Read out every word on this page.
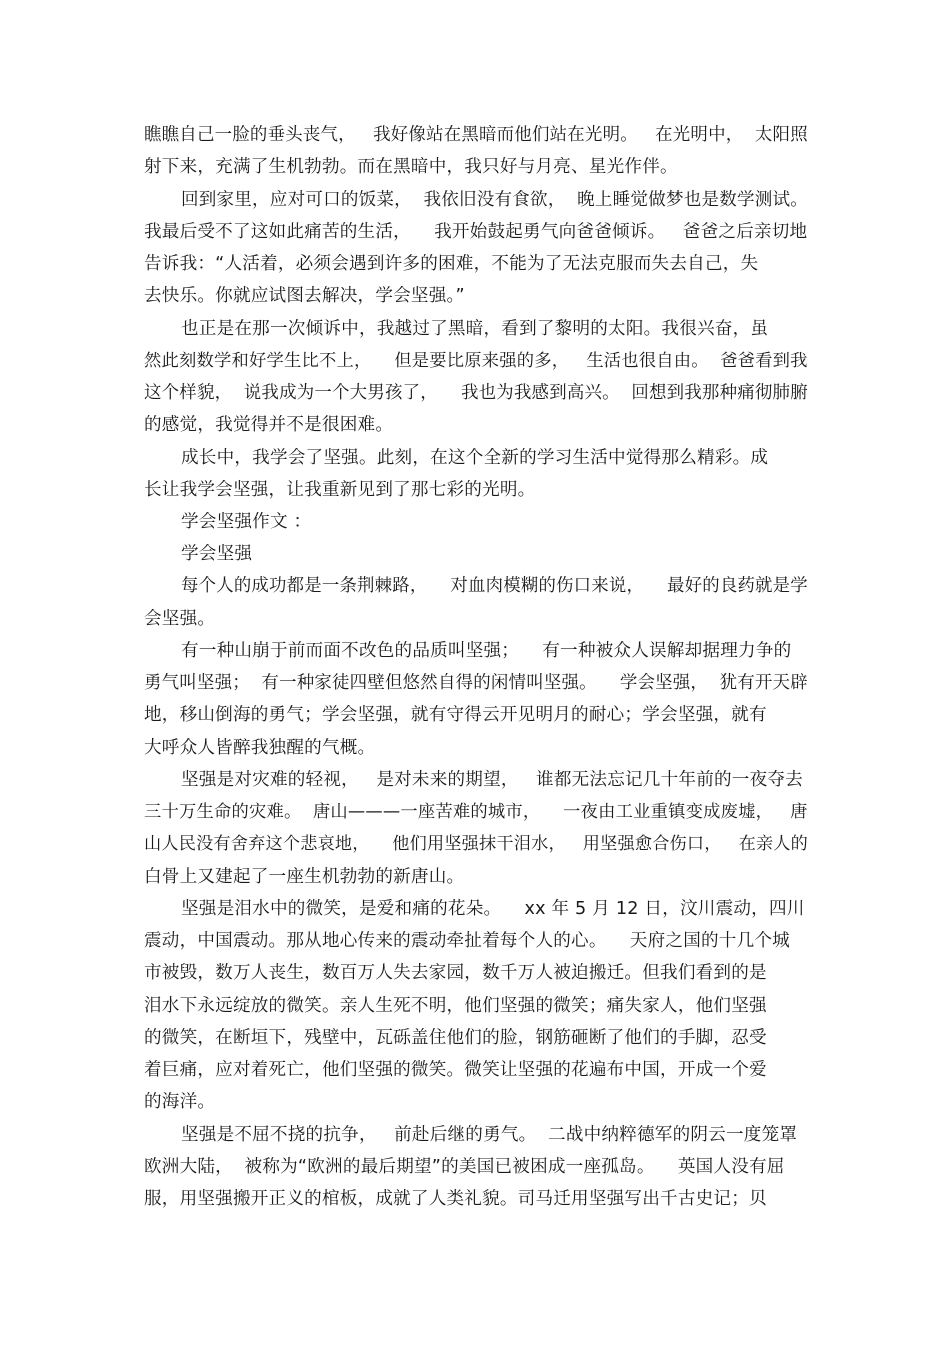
瞧瞧自己一脸的垂头丧气，   我好像站在黑暗而他们站在光明。   在光明中，  太阳照

射下来，充满了生机勃勃。而在黑暗中，我只好与月亮、星光作伴。

回到家里，应对可口的饭菜，  我依旧没有食欲，  晚上睡觉做梦也是数学测试。

我最后受不了这如此痛苦的生活，    我开始鼓起勇气向爸爸倾诉。   爸爸之后亲切地

告诉我：“人活着，必须会遇到许多的困难，不能为了无法克服而失去自己，失

去快乐。你就应试图去解决，学会坚强。”

也正是在那一次倾诉中，我越过了黑暗，看到了黎明的太阳。我很兴奋，虽

然此刻数学和好学生比不上，    但是要比原来强的多，   生活也很自由。  爸爸看到我

这个样貌，  说我成为一个大男孩了，    我也为我感到高兴。  回想到我那种痛彻肺腑

的感觉，我觉得并不是很困难。

成长中，我学会了坚强。此刻，在这个全新的学习生活中觉得那么精彩。成

长让我学会坚强，让我重新见到了那七彩的光明。

学会坚强作文 ：

学会坚强

每个人的成功都是一条荆棘路，    对血肉模糊的伤口来说，    最好的良药就是学

会坚强。

有一种山崩于前而面不改色的品质叫坚强；    有一种被众人误解却据理力争的

勇气叫坚强；  有一种家徒四壁但悠然自得的闲情叫坚强。    学会坚强，  犹有开天辟

地，移山倒海的勇气；学会坚强，就有守得云开见明月的耐心；学会坚强，就有

大呼众人皆醉我独醒的气概。

坚强是对灾难的轻视，   是对未来的期望，   谁都无法忘记几十年前的一夜夺去

三十万生命的灾难。  唐山———一座苦难的城市，    一夜由工业重镇变成废墟，   唐

山人民没有舍弃这个悲哀地，    他们用坚强抹干泪水，   用坚强愈合伤口，   在亲人的

白骨上又建起了一座生机勃勃的新唐山。

坚强是泪水中的微笑，是爱和痛的花朵。    xx 年 5 月 12 日，汶川震动，四川

震动，中国震动。那从地心传来的震动牵扯着每个人的心。    天府之国的十几个城

市被毁，数万人丧生，数百万人失去家园，数千万人被迫搬迁。但我们看到的是

泪水下永远绽放的微笑。亲人生死不明，他们坚强的微笑；痛失家人，他们坚强

的微笑，在断垣下，残壁中，瓦砾盖住他们的脸，钢筋砸断了他们的手脚，忍受

着巨痛，应对着死亡，他们坚强的微笑。微笑让坚强的花遍布中国，开成一个爱

的海洋。

坚强是不屈不挠的抗争，   前赴后继的勇气。  二战中纳粹德军的阴云一度笼罩

欧洲大陆，  被称为“欧洲的最后期望”的美国已被困成一座孤岛。    英国人没有屈

服，用坚强搬开正义的棺板，成就了人类礼貌。司马迁用坚强写出千古史记；贝
